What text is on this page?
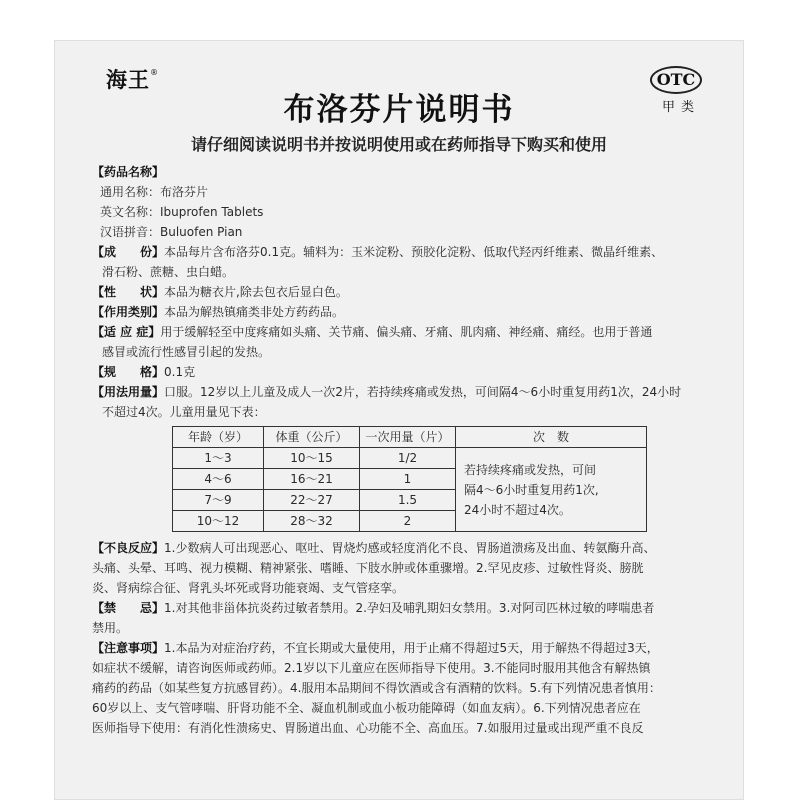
海王®	OTC
甲类
布洛芬片说明书
请仔细阅读说明书并按说明使用或在药师指导下购买和使用
【药品名称】
通用名称：布洛芬片
英文名称：Ibuprofen Tablets
汉语拼音：Buluofen Pian
【成　　份】本品每片含布洛芬0.1克。辅料为：玉米淀粉、预胶化淀粉、低取代羟丙纤维素、微晶纤维素、
滑石粉、蔗糖、虫白蜡。
【性　　状】本品为糖衣片,除去包衣后显白色。
【作用类别】本品为解热镇痛类非处方药药品。
【适 应 症】用于缓解轻至中度疼痛如头痛、关节痛、偏头痛、牙痛、肌肉痛、神经痛、痛经。也用于普通
感冒或流行性感冒引起的发热。
【规　　格】0.1克
【用法用量】口服。12岁以上儿童及成人一次2片，若持续疼痛或发热，可间隔4～6小时重复用药1次，24小时
不超过4次。儿童用量见下表：
年龄（岁）	体重（公斤）	一次用量（片）	次　数
1～3	10～15	1/2	若持续疼痛或发热，可间
隔4～6小时重复用药1次,
24小时不超过4次。

4～6	16～21	1	
7～9	22～27	1.5	
10～12	28～32	2	
【不良反应】1.少数病人可出现恶心、呕吐、胃烧灼感或轻度消化不良、胃肠道溃疡及出血、转氨酶升高、
头痛、头晕、耳鸣、视力模糊、精神紧张、嗜睡、下肢水肿或体重骤增。2.罕见皮疹、过敏性肾炎、膀胱
炎、肾病综合征、肾乳头坏死或肾功能衰竭、支气管痉挛。
【禁　　忌】1.对其他非甾体抗炎药过敏者禁用。2.孕妇及哺乳期妇女禁用。3.对阿司匹林过敏的哮喘患者
禁用。
【注意事项】1.本品为对症治疗药，不宜长期或大量使用，用于止痛不得超过5天，用于解热不得超过3天，
如症状不缓解，请咨询医师或药师。2.1岁以下儿童应在医师指导下使用。3.不能同时服用其他含有解热镇
痛药的药品（如某些复方抗感冒药）。4.服用本品期间不得饮酒或含有酒精的饮料。5.有下列情况患者慎用：
60岁以上、支气管哮喘、肝肾功能不全、凝血机制或血小板功能障碍（如血友病）。6.下列情况患者应在
医师指导下使用：有消化性溃疡史、胃肠道出血、心功能不全、高血压。7.如服用过量或出现严重不良反
